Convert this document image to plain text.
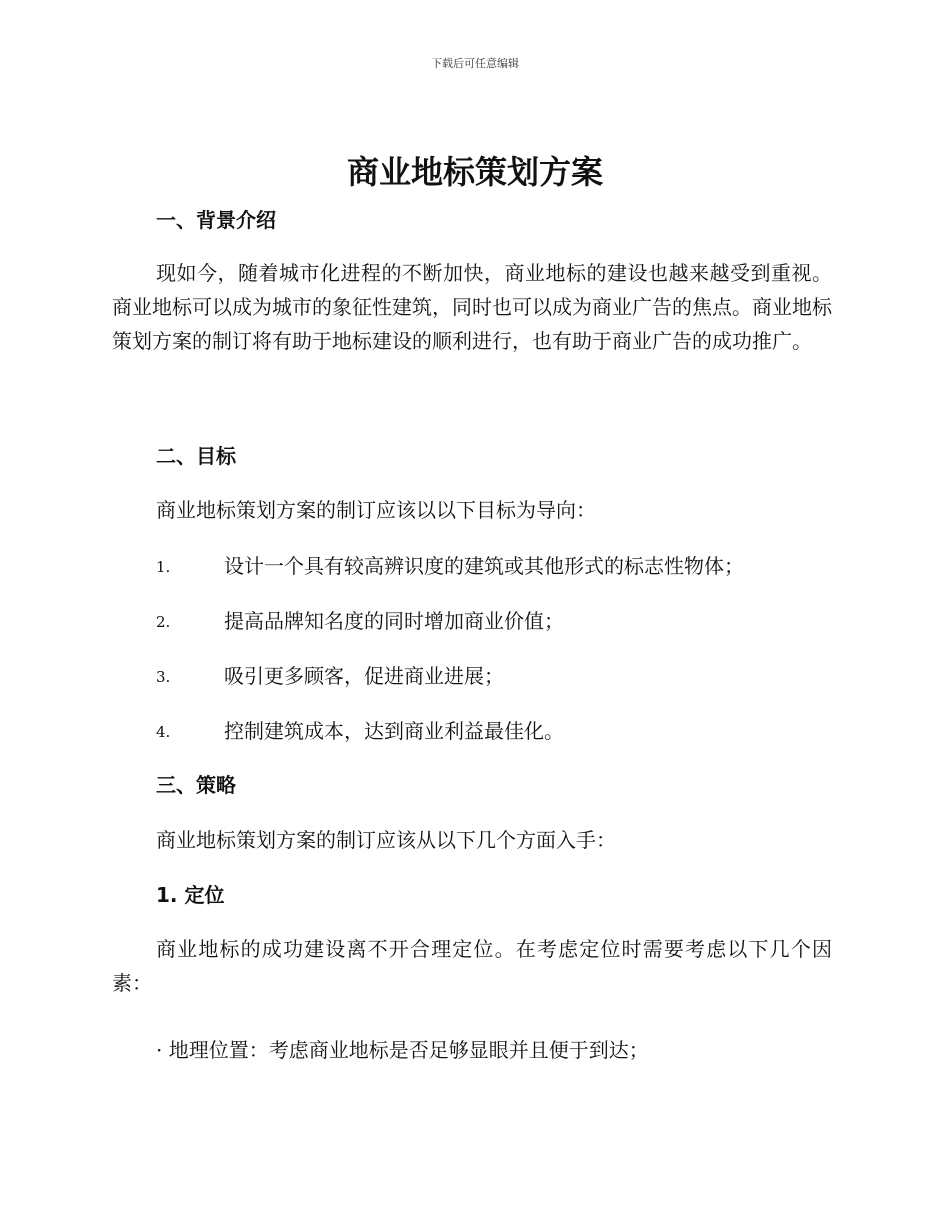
下载后可任意编辑
商业地标策划方案
一、背景介绍

现如今，随着城市化进程的不断加快，商业地标的建设也越来越受到重视。商业地标可以成为城市的象征性建筑，同时也可以成为商业广告的焦点。商业地标策划方案的制订将有助于地标建设的顺利进行，也有助于商业广告的成功推广。

二、目标

商业地标策划方案的制订应该以以下目标为导向：

1.	设计一个具有较高辨识度的建筑或其他形式的标志性物体；
2.	提高品牌知名度的同时增加商业价值；
3.	吸引更多顾客，促进商业进展；
4.	控制建筑成本，达到商业利益最佳化。
三、策略

商业地标策划方案的制订应该从以下几个方面入手：

1. 定位

商业地标的成功建设离不开合理定位。在考虑定位时需要考虑以下几个因素：

· 地理位置：考虑商业地标是否足够显眼并且便于到达；
